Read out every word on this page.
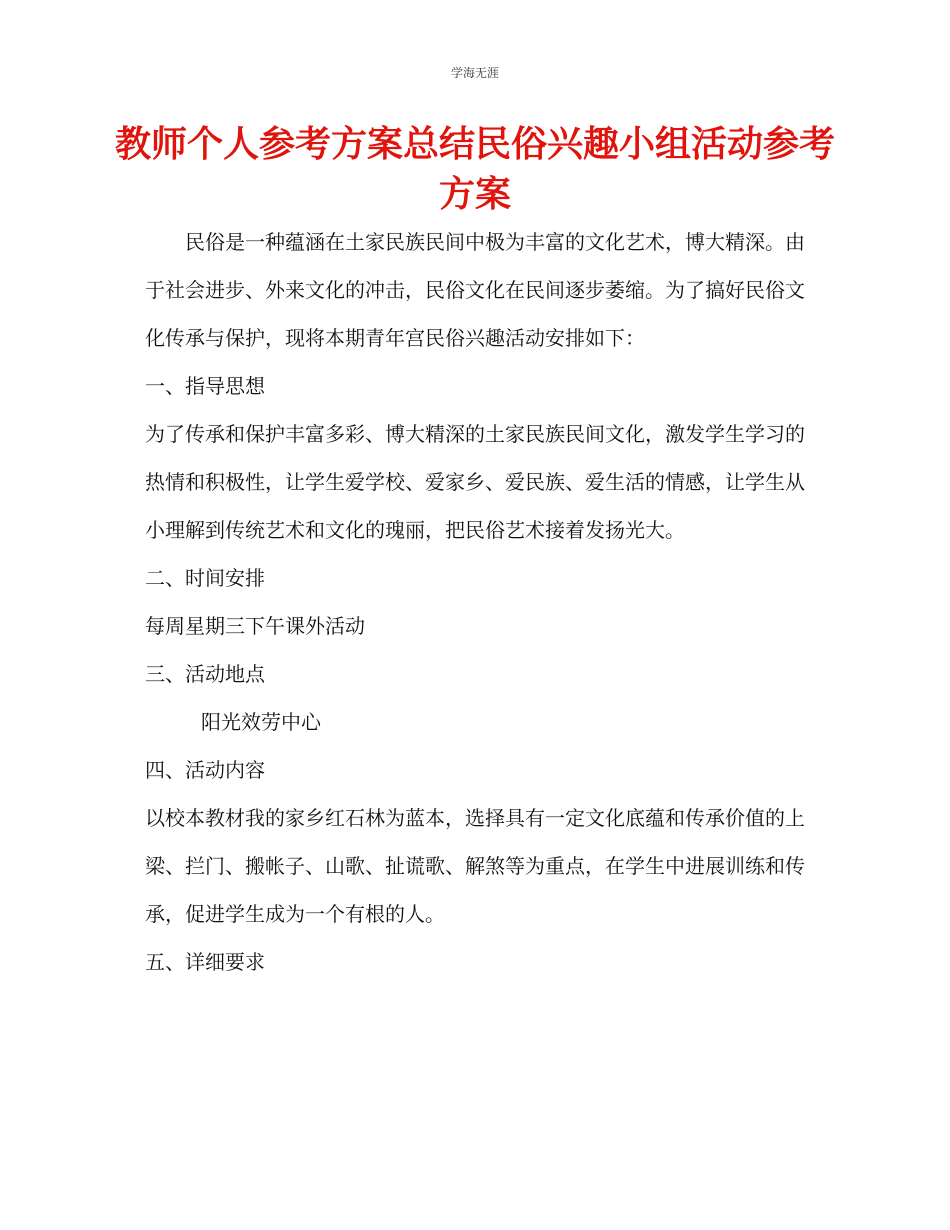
学海无涯
教师个人参考方案总结民俗兴趣小组活动参考方案

民俗是一种蕴涵在土家民族民间中极为丰富的文化艺术，博大精深。由于社会进步、外来文化的冲击，民俗文化在民间逐步萎缩。为了搞好民俗文化传承与保护，现将本期青年宫民俗兴趣活动安排如下：

一、指导思想

为了传承和保护丰富多彩、博大精深的土家民族民间文化，激发学生学习的热情和积极性，让学生爱学校、爱家乡、爱民族、爱生活的情感，让学生从小理解到传统艺术和文化的瑰丽，把民俗艺术接着发扬光大。

二、时间安排

每周星期三下午课外活动

三、活动地点

阳光效劳中心

四、活动内容

以校本教材我的家乡红石林为蓝本，选择具有一定文化底蕴和传承价值的上梁、拦门、搬帐子、山歌、扯谎歌、解煞等为重点，在学生中进展训练和传承，促进学生成为一个有根的人。

五、详细要求
